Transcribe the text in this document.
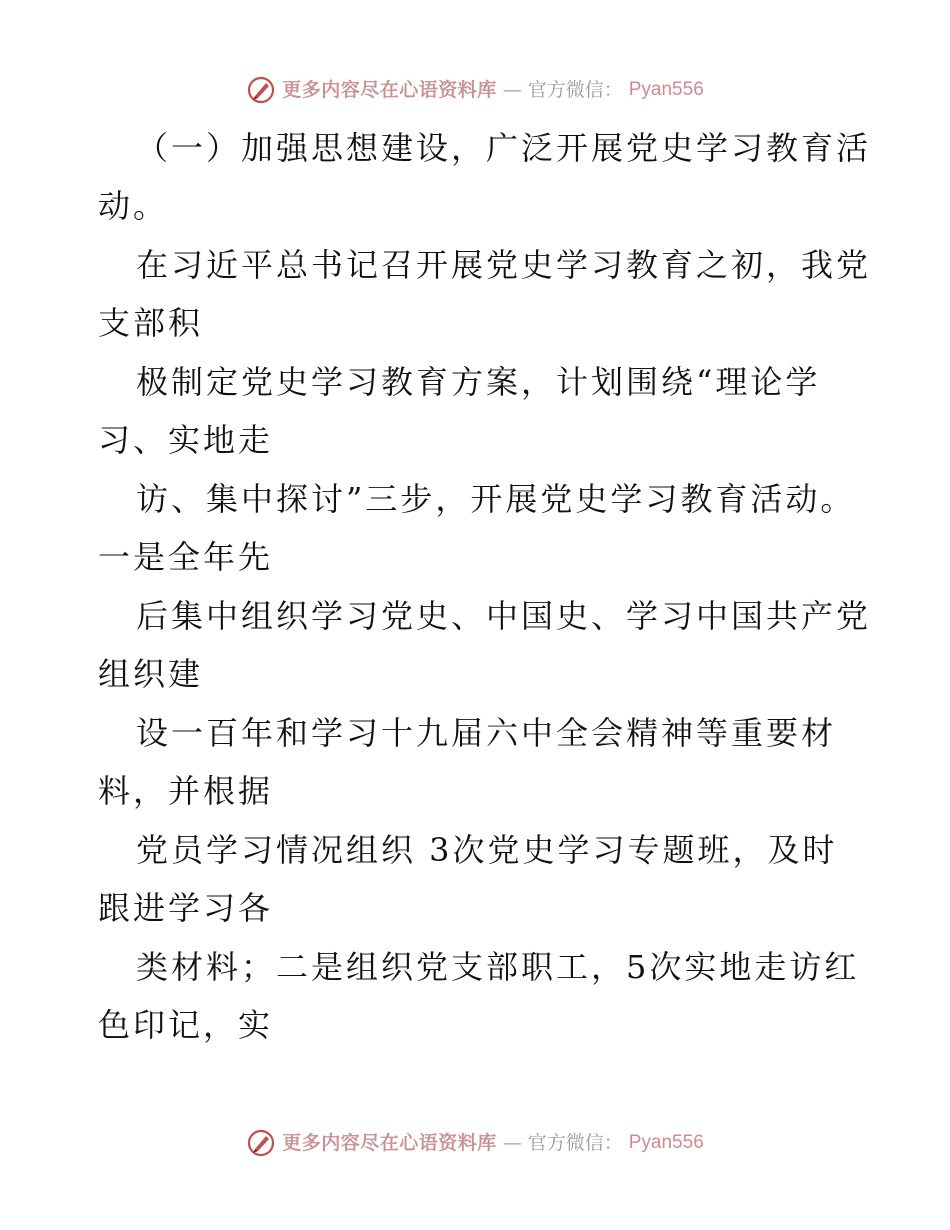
更多内容尽在心语资料库 — 官方微信： Pyan556
（一）加强思想建设，广泛开展党史学习教育活
动。
在习近平总书记召开展党史学习教育之初，我党
支部积
极制定党史学习教育方案，计划围绕“理论学
习、实地走
访、集中探讨”三步，开展党史学习教育活动。
一是全年先
后集中组织学习党史、中国史、学习中国共产党
组织建
设一百年和学习十九届六中全会精神等重要材
料，并根据
党员学习情况组织 3次党史学习专题班，及时
跟进学习各
类材料；二是组织党支部职工，5次实地走访红
色印记，实
更多内容尽在心语资料库 — 官方微信： Pyan556
